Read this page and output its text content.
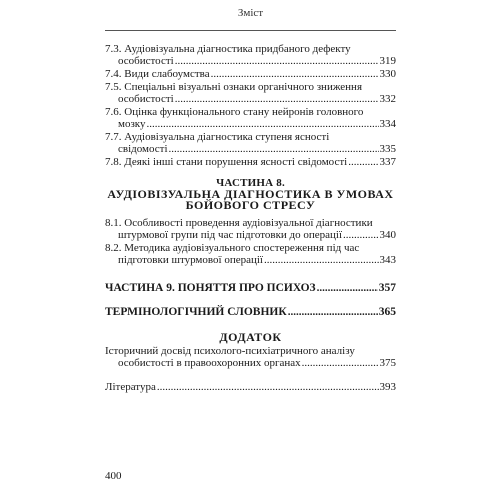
Зміст
7.3. Аудіовізуальна діагностика придбаного дефекту
особистості .....	319
7.4. Види слабоумства .....	330
7.5. Спеціальні візуальні ознаки органічного зниження
особистості .....	332
7.6. Оцінка функціонального стану нейронів головного
мозку .....	334
7.7. Аудіовізуальна діагностика ступеня ясності
свідомості .....	335
7.8. Деякі інші стани порушення ясності свідомості .....	337
ЧАСТИНА 8.
АУДІОВІЗУАЛЬНА ДІАГНОСТИКА В УМОВАХ
БОЙОВОГО СТРЕСУ
8.1. Особливості проведення аудіовізуальної діагностики
штурмової групи під час підготовки до операції .....	340
8.2. Методика аудіовізуального спостереження під час
підготовки штурмової операції .....	343
ЧАСТИНА 9. ПОНЯТТЯ ПРО ПСИХОЗ .....	357
ТЕРМІНОЛОГІЧНИЙ СЛОВНИК .....	365
ДОДАТОК
Історичний досвід психолого-психіатричного аналізу
особистості в правоохоронних органах .....	375
Література .....	393
400
